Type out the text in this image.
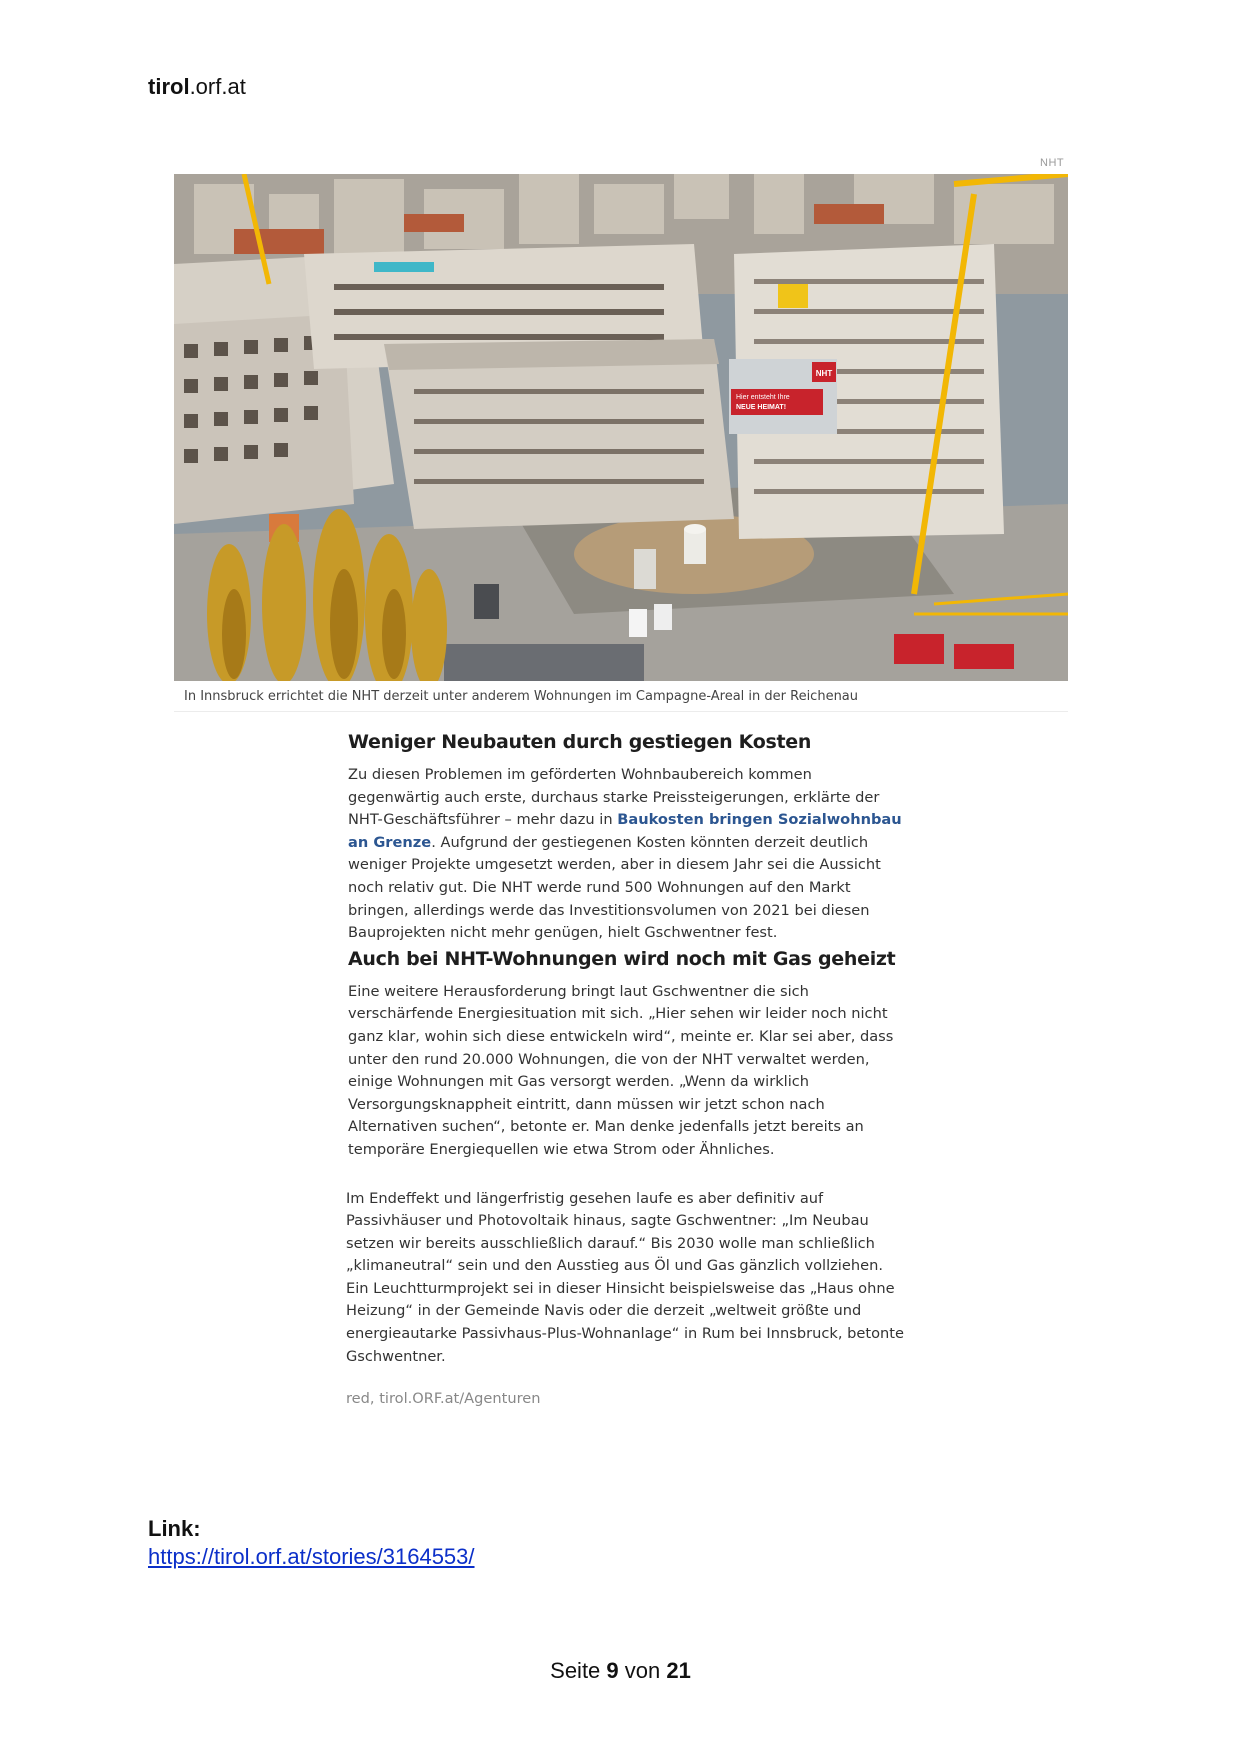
tirol.orf.at
NHT
NHT
Hier entsteht Ihre
NEUE HEIMAT!
In Innsbruck errichtet die NHT derzeit unter anderem Wohnungen im Campagne-Areal in der Reichenau
Weniger Neubauten durch gestiegen Kosten

Zu diesen Problemen im geförderten Wohnbaubereich kommen gegenwärtig auch erste, durchaus starke Preissteigerungen, erklärte der NHT-Geschäftsführer – mehr dazu in Baukosten bringen Sozialwohnbau an Grenze. Aufgrund der gestiegenen Kosten könnten derzeit deutlich weniger Projekte umgesetzt werden, aber in diesem Jahr sei die Aussicht noch relativ gut. Die NHT werde rund 500 Wohnungen auf den Markt bringen, allerdings werde das Investitionsvolumen von 2021 bei diesen Bauprojekten nicht mehr genügen, hielt Gschwentner fest.

Auch bei NHT-Wohnungen wird noch mit Gas geheizt

Eine weitere Herausforderung bringt laut Gschwentner die sich verschärfende Energiesituation mit sich. „Hier sehen wir leider noch nicht ganz klar, wohin sich diese entwickeln wird“, meinte er. Klar sei aber, dass unter den rund 20.000 Wohnungen, die von der NHT verwaltet werden, einige Wohnungen mit Gas versorgt werden. „Wenn da wirklich Versorgungsknappheit eintritt, dann müssen wir jetzt schon nach Alternativen suchen“, betonte er. Man denke jedenfalls jetzt bereits an temporäre Energiequellen wie etwa Strom oder Ähnliches.

Im Endeffekt und längerfristig gesehen laufe es aber definitiv auf Passivhäuser und Photovoltaik hinaus, sagte Gschwentner: „Im Neubau setzen wir bereits ausschließlich darauf.“ Bis 2030 wolle man schließlich „klimaneutral“ sein und den Ausstieg aus Öl und Gas gänzlich vollziehen. Ein Leuchtturmprojekt sei in dieser Hinsicht beispielsweise das „Haus ohne Heizung“ in der Gemeinde Navis oder die derzeit „weltweit größte und energieautarke Passivhaus-Plus-Wohnanlage“ in Rum bei Innsbruck, betonte Gschwentner.

red, tirol.ORF.at/Agenturen

Link:
https://tirol.orf.at/stories/3164553/
Seite 9 von 21
